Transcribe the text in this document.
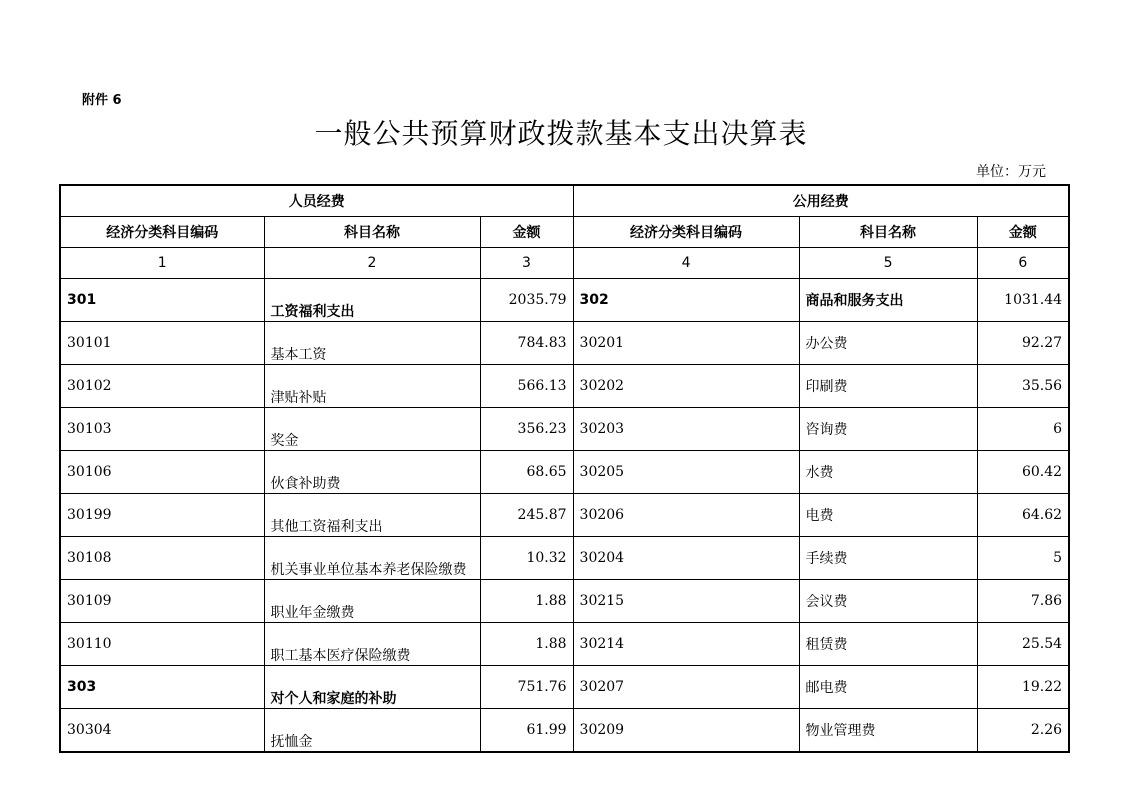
附件 6
一般公共预算财政拨款基本支出决算表
单位：万元
人员经费			公用经费		
经济分类科目编码	科目名称	金额	经济分类科目编码	科目名称	金额
1	2	3	4	5	6
301	工资福利支出	2035.79	302	商品和服务支出	1031.44
30101	基本工资	784.83	30201	办公费	92.27
30102	津贴补贴	566.13	30202	印刷费	35.56
30103	奖金	356.23	30203	咨询费	6
30106	伙食补助费	68.65	30205	水费	60.42
30199	其他工资福利支出	245.87	30206	电费	64.62
30108	机关事业单位基本养老保险缴费	10.32	30204	手续费	5
30109	职业年金缴费	1.88	30215	会议费	7.86
30110	职工基本医疗保险缴费	1.88	30214	租赁费	25.54
303	对个人和家庭的补助	751.76	30207	邮电费	19.22
30304	抚恤金	61.99	30209	物业管理费	2.26
